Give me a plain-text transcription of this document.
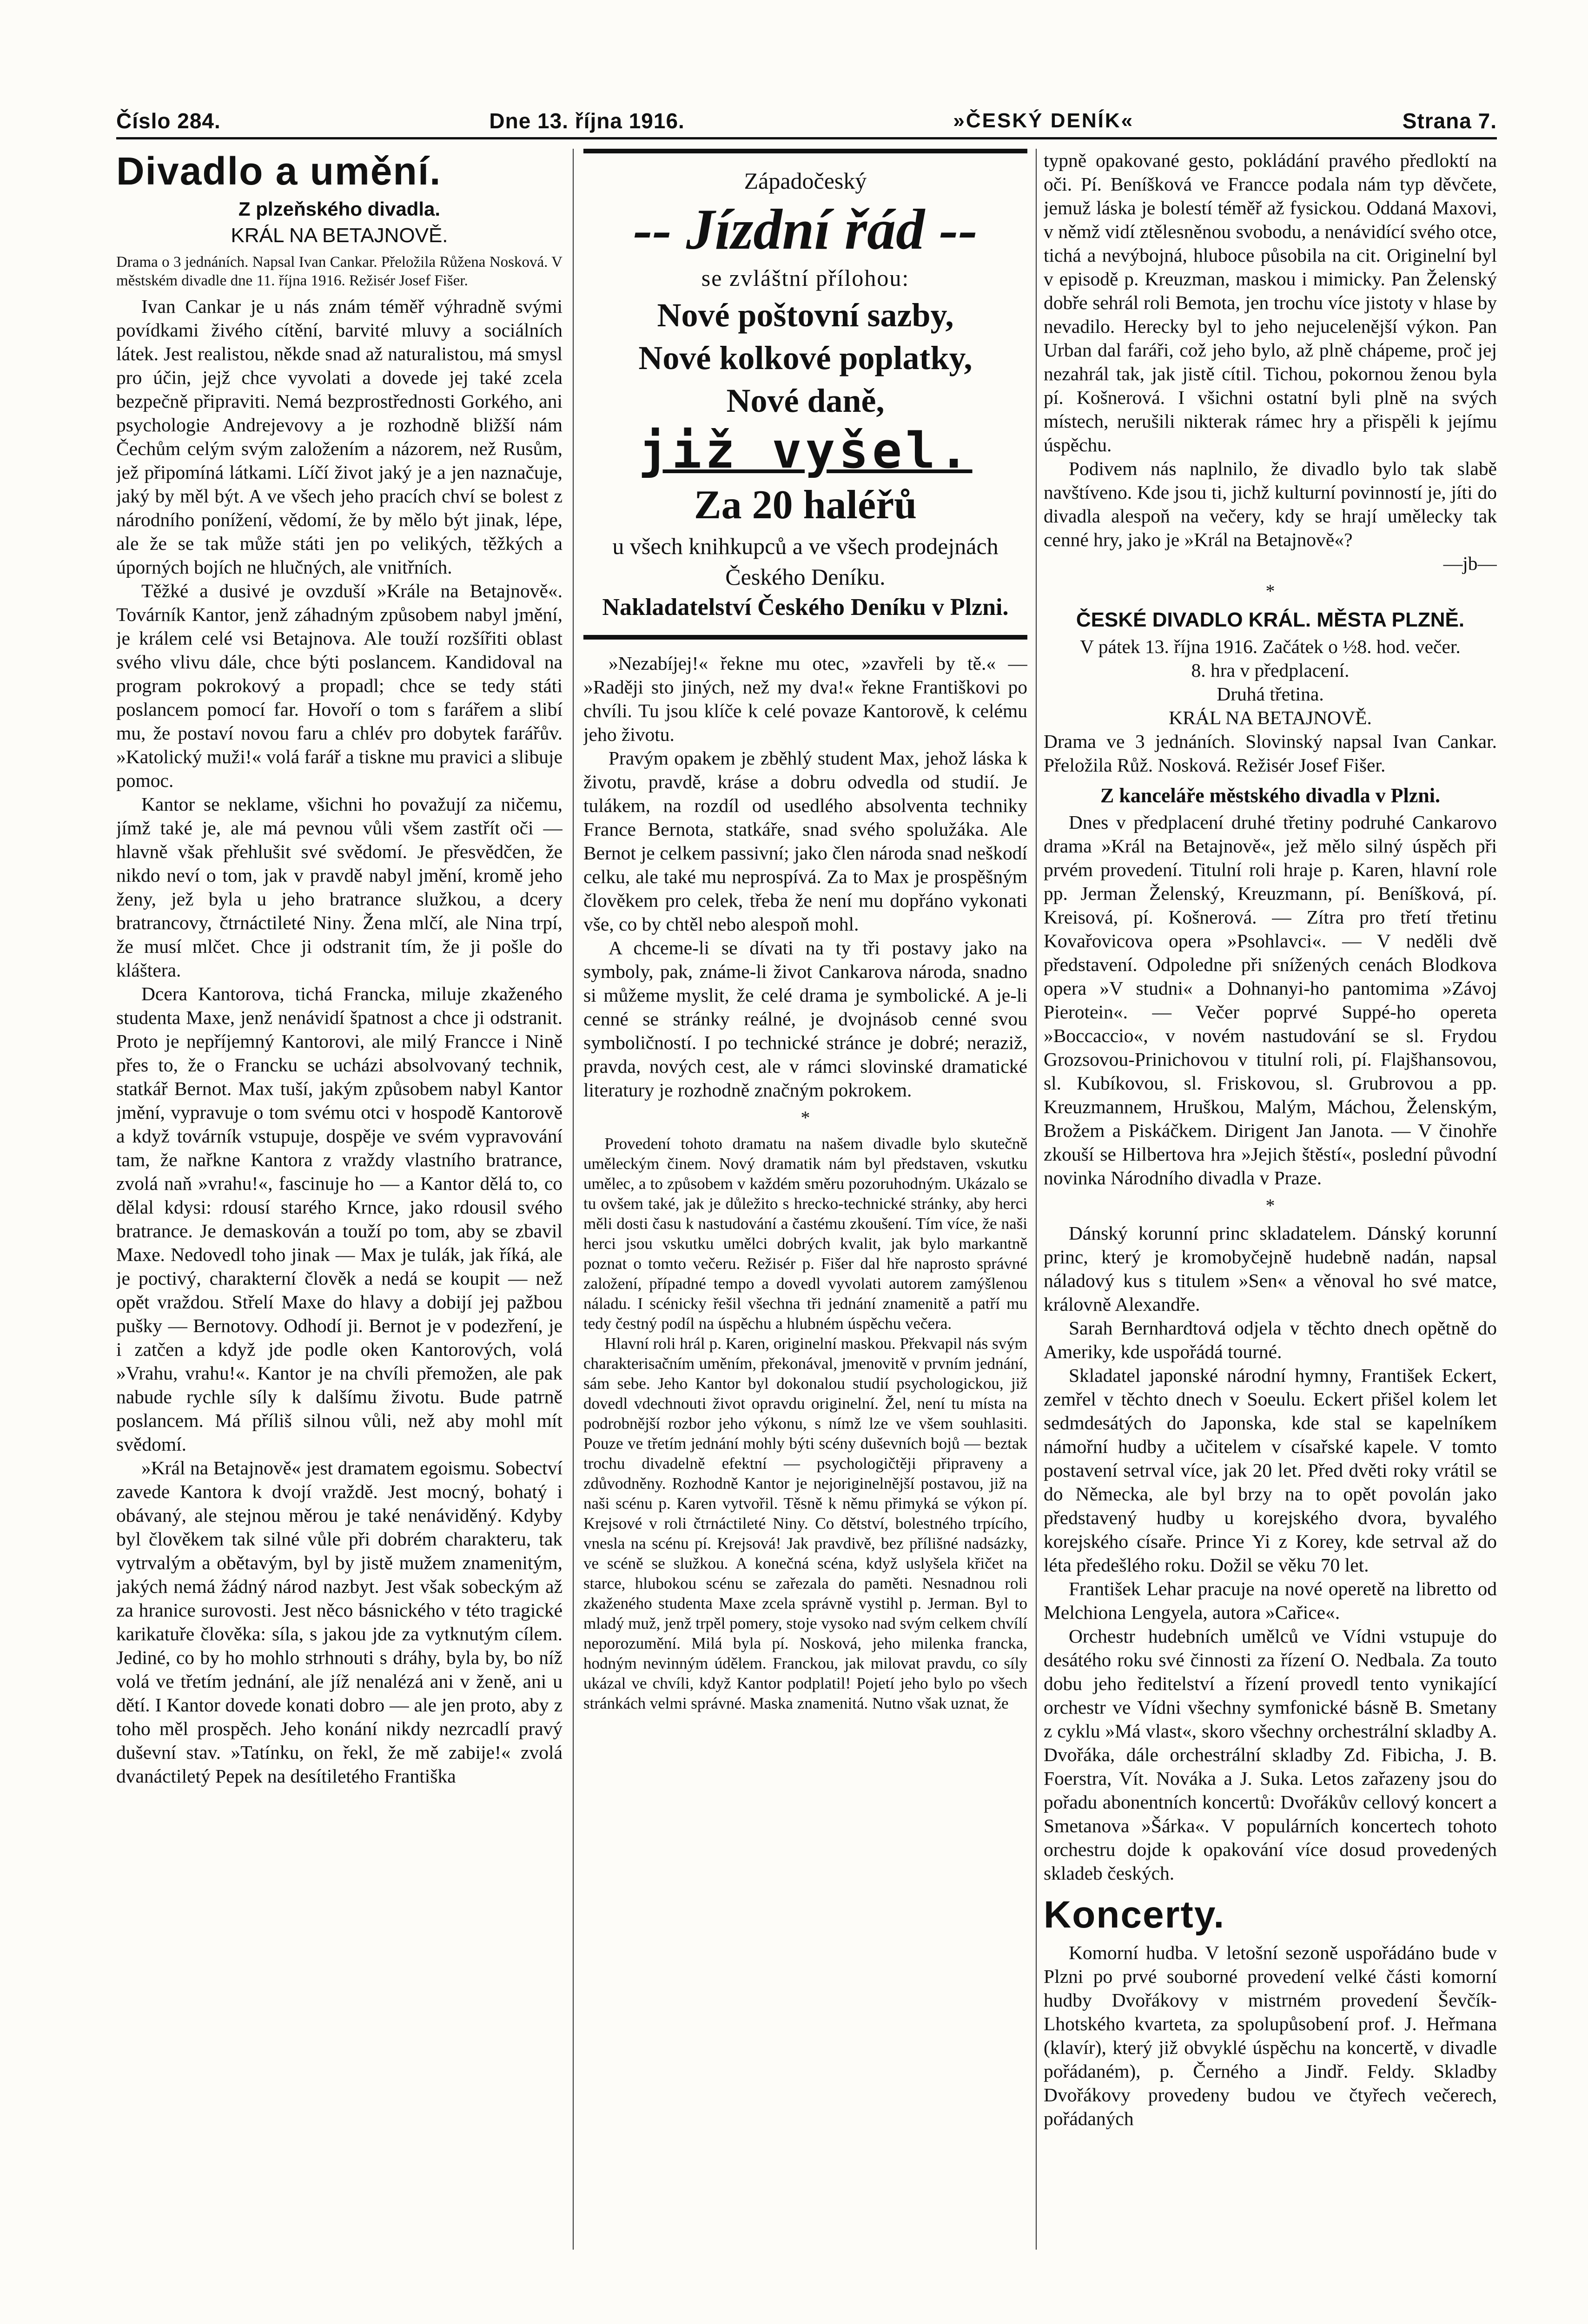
Číslo 284.	Dne 13. října 1916.	»ČESKÝ DENÍK«	Strana 7.
Divadlo a umění.
Z plzeňského divadla.
KRÁL NA BETAJNOVĚ.
Drama o 3 jednáních. Napsal Ivan Cankar. Přeložila Růžena Nosková. V městském divadle dne 11. října 1916. Režisér Josef Fišer.

Ivan Cankar je u nás znám téměř výhradně svými povídkami živého cítění, barvité mluvy a sociálních látek. Jest realistou, někde snad až naturalistou, má smysl pro účin, jejž chce vyvolati a dovede jej také zcela bezpečně připraviti. Nemá bezprostřednosti Gorkého, ani psychologie Andrejevovy a je rozhodně bližší nám Čechům celým svým založením a názorem, než Rusům, jež připomíná látkami. Líčí život jaký je a jen naznačuje, jaký by měl být. A ve všech jeho pracích chví se bolest z národního ponížení, vědomí, že by mělo být jinak, lépe, ale že se tak může státi jen po velikých, těžkých a úporných bojích ne hlučných, ale vnitřních.

Těžké a dusivé je ovzduší »Krále na Betajnově«. Továrník Kantor, jenž záhadným způsobem nabyl jmění, je králem celé vsi Betajnova. Ale touží rozšířiti oblast svého vlivu dále, chce býti poslancem. Kandidoval na program pokrokový a propadl; chce se tedy státi poslancem pomocí far. Hovoří o tom s farářem a slibí mu, že postaví novou faru a chlév pro dobytek farářův. »Katolický muži!« volá farář a tiskne mu pravici a slibuje pomoc.

Kantor se neklame, všichni ho považují za ničemu, jímž také je, ale má pevnou vůli všem zastřít oči — hlavně však přehlušit své svědomí. Je přesvědčen, že nikdo neví o tom, jak v pravdě nabyl jmění, kromě jeho ženy, jež byla u jeho bratrance služkou, a dcery bratrancovy, čtrnáctileté Niny. Žena mlčí, ale Nina trpí, že musí mlčet. Chce ji odstranit tím, že ji pošle do kláštera.

Dcera Kantorova, tichá Francka, miluje zkaženého studenta Maxe, jenž nenávidí špatnost a chce ji odstranit. Proto je nepříjemný Kantorovi, ale milý Francce i Nině přes to, že o Francku se ucházi absolvovaný technik, statkář Bernot. Max tuší, jakým způsobem nabyl Kantor jmění, vypravuje o tom svému otci v hospodě Kantorově a když továrník vstupuje, dospěje ve svém vypravování tam, že nařkne Kantora z vraždy vlastního bratrance, zvolá naň »vrahu!«, fascinuje ho — a Kantor dělá to, co dělal kdysi: rdousí starého Krnce, jako rdousil svého bratrance. Je demaskován a touží po tom, aby se zbavil Maxe. Nedovedl toho jinak — Max je tulák, jak říká, ale je poctivý, charakterní člověk a nedá se koupit — než opět vraždou. Střelí Maxe do hlavy a dobijí jej pažbou pušky — Bernotovy. Odhodí ji. Bernot je v podezření, je i zatčen a když jde podle oken Kantorových, volá »Vrahu, vrahu!«. Kantor je na chvíli přemožen, ale pak nabude rychle síly k dalšímu životu. Bude patrně poslancem. Má příliš silnou vůli, než aby mohl mít svědomí.

»Král na Betajnově« jest dramatem egoismu. Sobectví zavede Kantora k dvojí vraždě. Jest mocný, bohatý i obávaný, ale stejnou měrou je také nenáviděný. Kdyby byl člověkem tak silné vůle při dobrém charakteru, tak vytrvalým a obětavým, byl by jistě mužem znamenitým, jakých nemá žádný národ nazbyt. Jest však sobeckým až za hranice surovosti. Jest něco básnického v této tragické karikatuře člověka: síla, s jakou jde za vytknutým cílem. Jediné, co by ho mohlo strhnouti s dráhy, byla by, bo níž volá ve třetím jednání, ale jíž nenalézá ani v ženě, ani u dětí. I Kantor dovede konati dobro — ale jen proto, aby z toho měl prospěch. Jeho konání nikdy nezrcadlí pravý duševní stav. »Tatínku, on řekl, že mě zabije!« zvolá dvanáctiletý Pepek na desítiletého Františka

Západočeský
-- Jízdní řád --
se zvláštní přílohou:
Nové poštovní sazby,
Nové kolkové poplatky,
Nové daně,
již vyšel.
Za 20 haléřů
u všech knihkupců a ve všech prodejnách Českého Deníku.
Nakladatelství Českého Deníku v Plzni.

»Nezabíjej!« řekne mu otec, »zavřeli by tě.« — »Raději sto jiných, než my dva!« řekne Františkovi po chvíli. Tu jsou klíče k celé povaze Kantorově, k celému jeho životu.

Pravým opakem je zběhlý student Max, jehož láska k životu, pravdě, kráse a dobru odvedla od studií. Je tulákem, na rozdíl od usedlého absolventa techniky France Bernota, statkáře, snad svého spolužáka. Ale Bernot je celkem passivní; jako člen národa snad neškodí celku, ale také mu neprospívá. Za to Max je prospěšným člověkem pro celek, třeba že není mu dopřáno vykonati vše, co by chtěl nebo alespoň mohl.

A chceme-li se dívati na ty tři postavy jako na symboly, pak, známe-li život Cankarova národa, snadno si můžeme myslit, že celé drama je symbolické. A je-li cenné se stránky reálné, je dvojnásob cenné svou symboličností. I po technické stránce je dobré; neraziž, pravda, nových cest, ale v rámci slovinské dramatické literatury je rozhodně značným pokrokem.

*

Provedení tohoto dramatu na našem divadle bylo skutečně uměleckým činem. Nový dramatik nám byl představen, vskutku umělec, a to způsobem v každém směru pozoruhodným. Ukázalo se tu ovšem také, jak je důležito s hrecko-technické stránky, aby herci měli dosti času k nastudování a častému zkoušení. Tím více, že naši herci jsou vskutku umělci dobrých kvalit, jak bylo markantně poznat o tomto večeru. Režisér p. Fišer dal hře naprosto správné založení, případné tempo a dovedl vyvolati autorem zamýšlenou náladu. I scénicky řešil všechna tři jednání znamenitě a patří mu tedy čestný podíl na úspěchu a hlubném úspěchu večera.

Hlavní roli hrál p. Karen, originelní maskou. Překvapil nás svým charakterisačním uměním, překonával, jmenovitě v prvním jednání, sám sebe. Jeho Kantor byl dokonalou studií psychologickou, již dovedl vdechnouti život opravdu originelní. Žel, není tu místa na podrobnější rozbor jeho výkonu, s nímž lze ve všem souhlasiti. Pouze ve třetím jednání mohly býti scény duševních bojů — beztak trochu divadelně efektní — psychologičtěji připraveny a zdůvodněny. Rozhodně Kantor je nejoriginelnější postavou, již na naši scénu p. Karen vytvořil. Těsně k němu přimyká se výkon pí. Krejsové v roli čtrnáctileté Niny. Co dětství, bolestného trpícího, vnesla na scénu pí. Krejsová! Jak pravdivě, bez přílišné nadsázky, ve scéně se služkou. A konečná scéna, když uslyšela křičet na starce, hlubokou scénu se zařezala do paměti. Nesnadnou roli zkaženého studenta Maxe zcela správně vystihl p. Jerman. Byl to mladý muž, jenž trpěl pomery, stoje vysoko nad svým celkem chvílí neporozumění. Milá byla pí. Nosková, jeho milenka francka, hodným nevinným údělem. Franckou, jak milovat pravdu, co síly ukázal ve chvíli, když Kantor podplatil! Pojetí jeho bylo po všech stránkách velmi správné. Maska znamenitá. Nutno však uznat, že

typně opakované gesto, pokládání pravého předloktí na oči. Pí. Beníšková ve Francce podala nám typ děvčete, jemuž láska je bolestí téměř až fysickou. Oddaná Maxovi, v němž vidí ztělesněnou svobodu, a nenávidící svého otce, tichá a nevýbojná, hluboce působila na cit. Originelní byl v episodě p. Kreuzman, maskou i mimicky. Pan Želenský dobře sehrál roli Bemota, jen trochu více jistoty v hlase by nevadilo. Herecky byl to jeho nejucelenější výkon. Pan Urban dal faráři, což jeho bylo, až plně chápeme, proč jej nezahrál tak, jak jistě cítil. Tichou, pokornou ženou byla pí. Košnerová. I všichni ostatní byli plně na svých místech, nerušili nikterak rámec hry a přispěli k jejímu úspěchu.

Podivem nás naplnilo, že divadlo bylo tak slabě navštíveno. Kde jsou ti, jichž kulturní povinností je, jíti do divadla alespoň na večery, kdy se hrají umělecky tak cenné hry, jako je »Král na Betajnově«?

—jb—
*
ČESKÉ DIVADLO KRÁL. MĚSTA PLZNĚ.

V pátek 13. října 1916. Začátek o ½8. hod. večer.

8. hra v předplacení.

Druhá třetina.

KRÁL NA BETAJNOVĚ.

Drama ve 3 jednáních. Slovinský napsal Ivan Cankar. Přeložila Růž. Nosková. Režisér Josef Fišer.

Z kanceláře městského divadla v Plzni.

Dnes v předplacení druhé třetiny podruhé Cankarovo drama »Král na Betajnově«, jež mělo silný úspěch při prvém provedení. Titulní roli hraje p. Karen, hlavní role pp. Jerman Želenský, Kreuzmann, pí. Beníšková, pí. Kreisová, pí. Košnerová. — Zítra pro třetí třetinu Kovařovicova opera »Psohlavci«. — V neděli dvě představení. Odpoledne při snížených cenách Blodkova opera »V studni« a Dohnanyi-ho pantomima »Závoj Pierotein«. — Večer poprvé Suppé-ho opereta »Boccaccio«, v novém nastudování se sl. Frydou Grozsovou-Prinichovou v titulní roli, pí. Flajšhansovou, sl. Kubíkovou, sl. Friskovou, sl. Grubrovou a pp. Kreuzmannem, Hruškou, Malým, Máchou, Želenským, Brožem a Piskáčkem. Dirigent Jan Janota. — V činohře zkouší se Hilbertova hra »Jejich štěstí«, poslední původní novinka Národního divadla v Praze.

*

Dánský korunní princ skladatelem. Dánský korunní princ, který je kromobyčejně hudebně nadán, napsal náladový kus s titulem »Sen« a věnoval ho své matce, královně Alexandře.

Sarah Bernhardtová odjela v těchto dnech opětně do Ameriky, kde uspořádá tourné.

Skladatel japonské národní hymny, František Eckert, zemřel v těchto dnech v Soeulu. Eckert přišel kolem let sedmdesátých do Japonska, kde stal se kapelníkem námořní hudby a učitelem v císařské kapele. V tomto postavení setrval více, jak 20 let. Před dvěti roky vrátil se do Německa, ale byl brzy na to opět povolán jako představený hudby u korejského dvora, byvalého korejského císaře. Prince Yi z Korey, kde setrval až do léta předešlého roku. Dožil se věku 70 let.

František Lehar pracuje na nové operetě na libretto od Melchiona Lengyela, autora »Cařice«.

Orchestr hudebních umělců ve Vídni vstupuje do desátého roku své činnosti za řízení O. Nedbala. Za touto dobu jeho ředitelství a řízení provedl tento vynikající orchestr ve Vídni všechny symfonické básně B. Smetany z cyklu »Má vlast«, skoro všechny orchestrální skladby A. Dvořáka, dále orchestrální skladby Zd. Fibicha, J. B. Foerstra, Vít. Nováka a J. Suka. Letos zařazeny jsou do pořadu abonentních koncertů: Dvořákův cellový koncert a Smetanova »Šárka«. V populárních koncertech tohoto orchestru dojde k opakování více dosud provedených skladeb českých.

Koncerty.

Komorní hudba. V letošní sezoně uspořádáno bude v Plzni po prvé souborné provedení velké části komorní hudby Dvořákovy v mistrném provedení Ševčík-Lhotského kvarteta, za spolupůsobení prof. J. Heřmana (klavír), který již obvyklé úspěchu na koncertě, v divadle pořádaném), p. Černého a Jindř. Feldy. Skladby Dvořákovy provedeny budou ve čtyřech večerech, pořádaných
